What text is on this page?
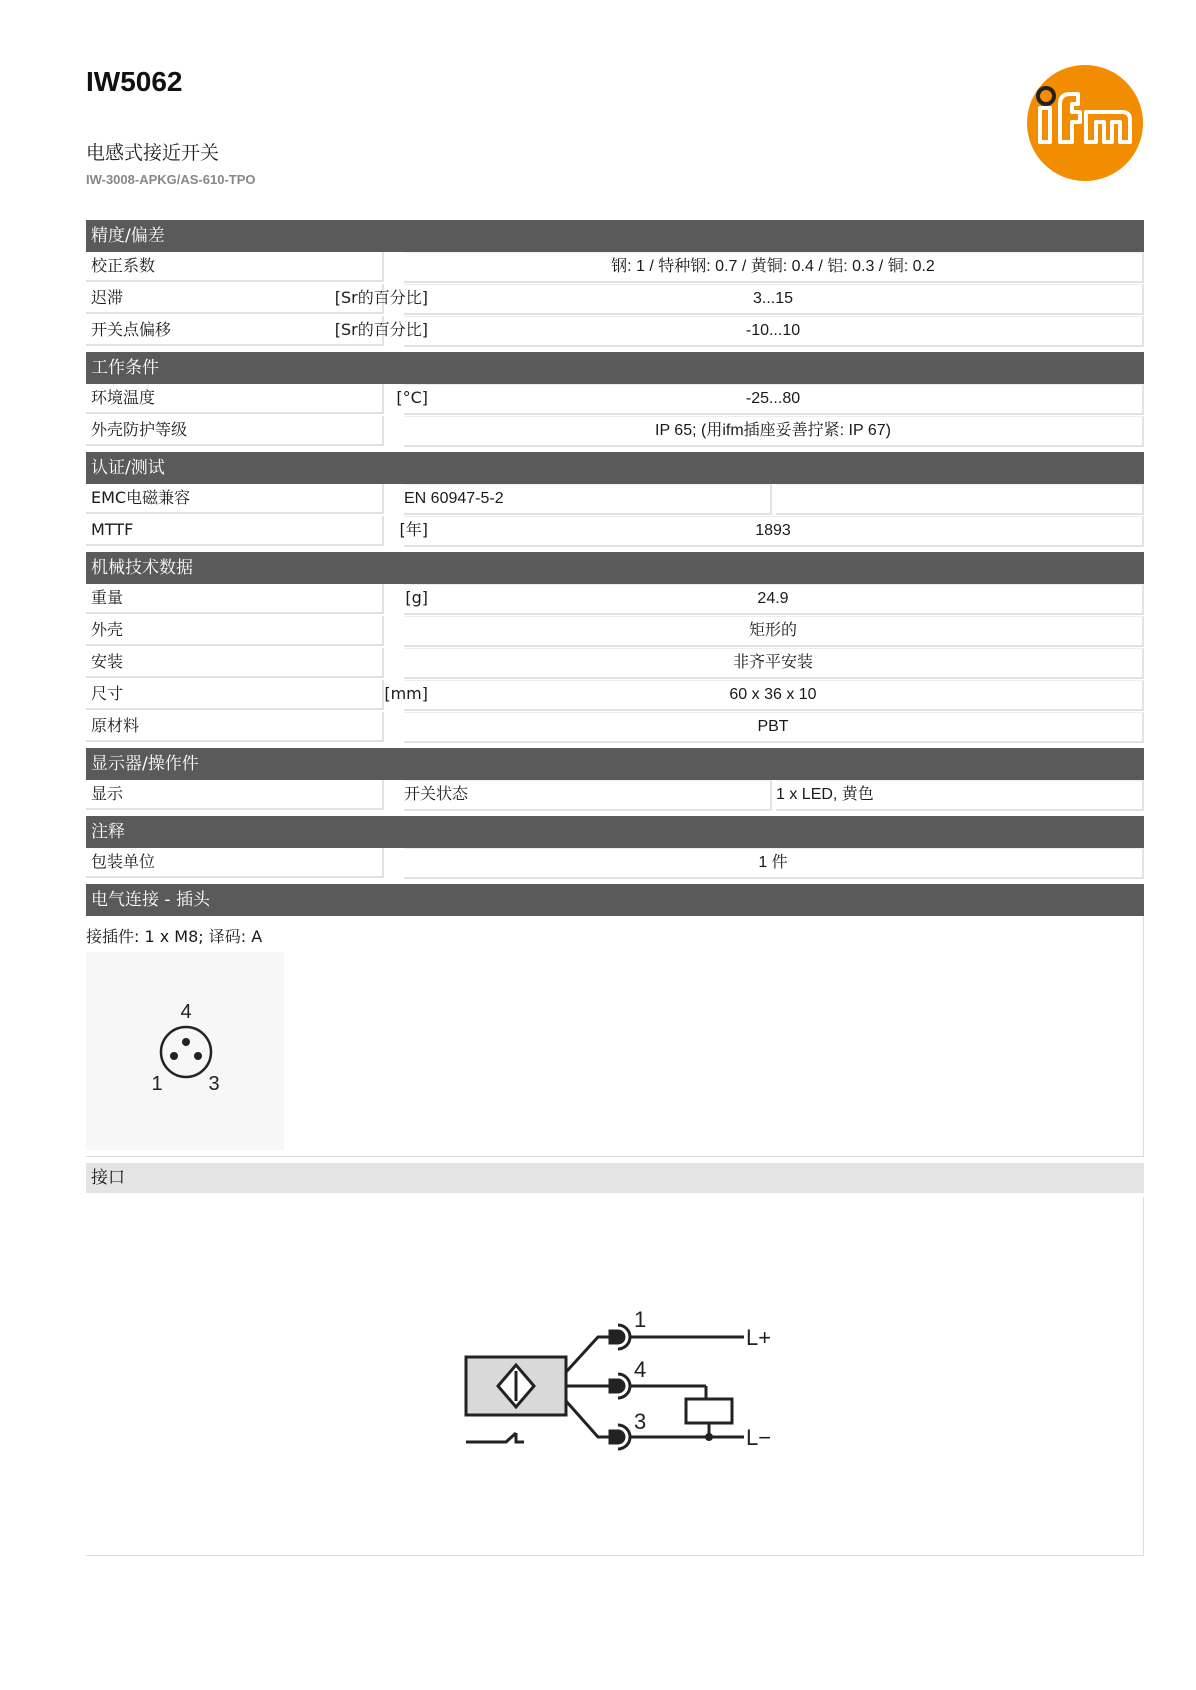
IW5062
电感式接近开关
IW-3008-APKG/AS-610-TPO
精度/偏差
校正系数	钢: 1 / 特种钢: 0.7 / 黄铜: 0.4 / 铝: 0.3 / 铜: 0.2
迟滞	[Sr的百分比]	3...15
开关点偏移	[Sr的百分比]	-10...10
工作条件
环境温度	[°C]	-25...80
外壳防护等级	IP 65; (用ifm插座妥善拧紧: IP 67)
认证/测试
EMC电磁兼容	EN 60947-5-2
MTTF	[年]	1893
机械技术数据
重量	[g]	24.9
外壳	矩形的
安装	非齐平安装
尺寸	[mm]	60 x 36 x 10
原材料	PBT
显示器/操作件
显示	开关状态	1 x LED, 黄色
注释
包装单位	1 件
电气连接 - 插头
接插件: 1 x M8; 译码: A
4
1 3
接口
1
4
3
L+
L−
